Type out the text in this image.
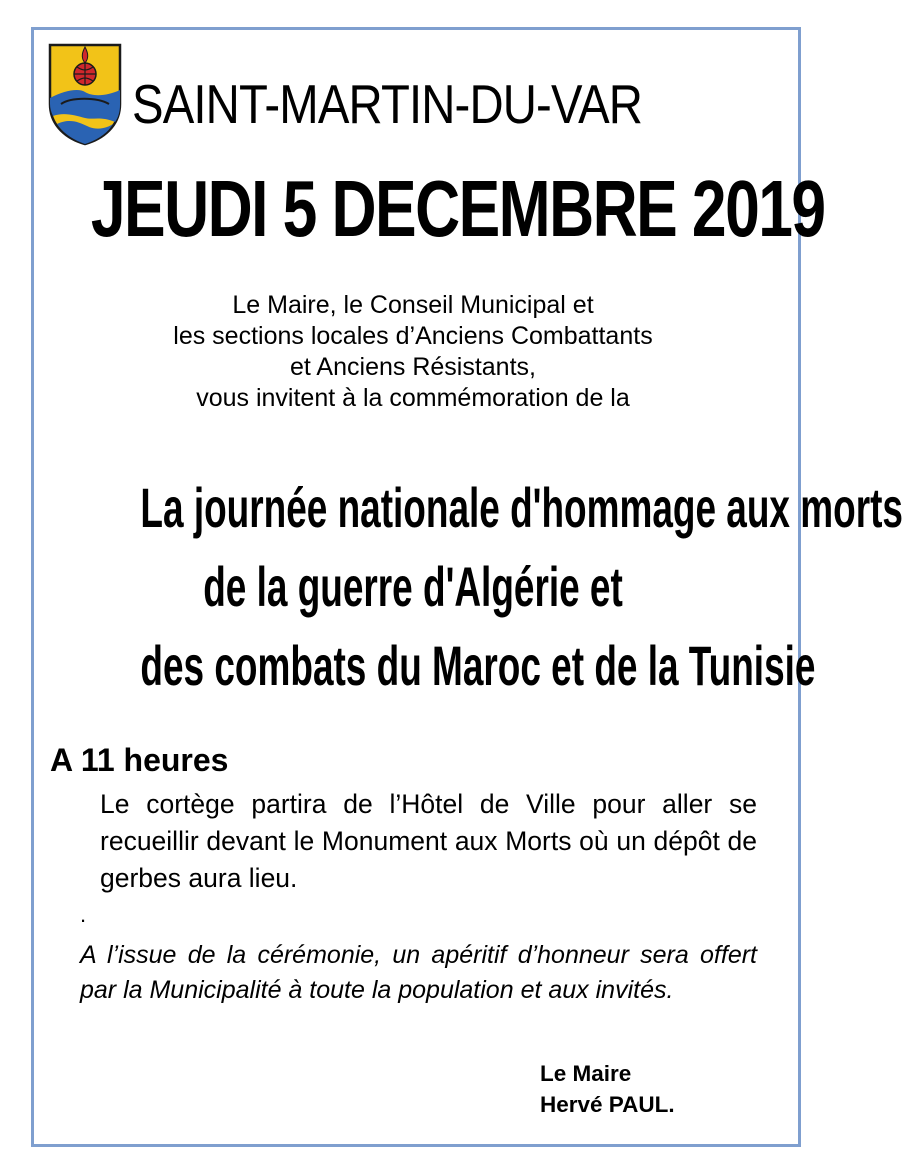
SAINT-MARTIN-DU-VAR
JEUDI 5 DECEMBRE 2019
Le Maire, le Conseil Municipal et
les sections locales d’Anciens Combattants
et Anciens Résistants,
vous invitent à la commémoration de la
La journée nationale d'hommage aux morts
de la guerre d'Algérie et
des combats du Maroc et de la Tunisie
A 11 heures
Le cortège partira de l’Hôtel de Ville pour aller se recueillir devant le Monument aux Morts où un dépôt de gerbes aura lieu.
.
A l’issue de la cérémonie, un apéritif d’honneur sera offert par la Municipalité à toute la population et aux invités.
Le Maire
Hervé PAUL.
